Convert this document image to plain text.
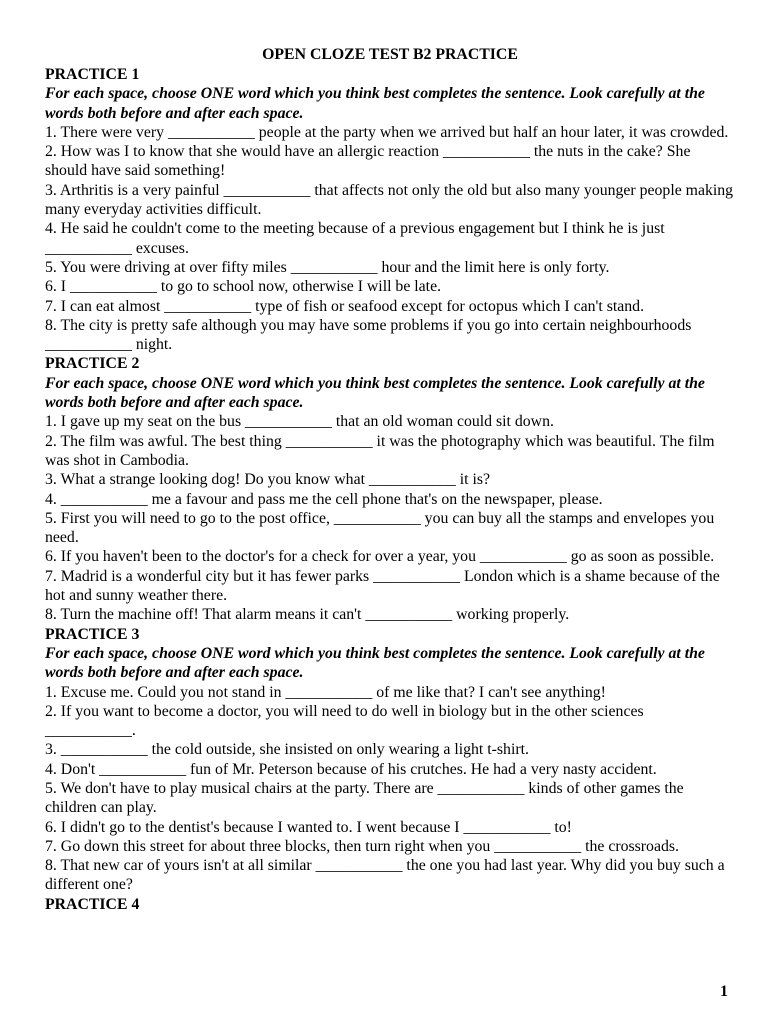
OPEN CLOZE TEST B2 PRACTICE
PRACTICE 1
For each space, choose ONE word which you think best completes the sentence. Look carefully at the words both before and after each space.
1. There were very ___________ people at the party when we arrived but half an hour later, it was crowded.
2. How was I to know that she would have an allergic reaction ___________ the nuts in the cake? She should have said something!
3. Arthritis is a very painful ___________ that affects not only the old but also many younger people making many everyday activities difficult.
4. He said he couldn't come to the meeting because of a previous engagement but I think he is just ___________ excuses.
5. You were driving at over fifty miles ___________ hour and the limit here is only forty.
6. I ___________ to go to school now, otherwise I will be late.
7. I can eat almost ___________ type of fish or seafood except for octopus which I can't stand.
8. The city is pretty safe although you may have some problems if you go into certain neighbourhoods ___________ night.
PRACTICE 2
For each space, choose ONE word which you think best completes the sentence. Look carefully at the words both before and after each space.
1. I gave up my seat on the bus ___________ that an old woman could sit down.
2. The film was awful. The best thing ___________ it was the photography which was beautiful. The film was shot in Cambodia.
3. What a strange looking dog! Do you know what ___________ it is?
4. ___________ me a favour and pass me the cell phone that's on the newspaper, please.
5. First you will need to go to the post office, ___________ you can buy all the stamps and envelopes you need.
6. If you haven't been to the doctor's for a check for over a year, you ___________ go as soon as possible.
7. Madrid is a wonderful city but it has fewer parks ___________ London which is a shame because of the hot and sunny weather there.
8. Turn the machine off! That alarm means it can't ___________ working properly.
PRACTICE 3
For each space, choose ONE word which you think best completes the sentence. Look carefully at the words both before and after each space.
1. Excuse me. Could you not stand in ___________ of me like that? I can't see anything!
2. If you want to become a doctor, you will need to do well in biology but in the other sciences ___________.
3. ___________ the cold outside, she insisted on only wearing a light t-shirt.
4. Don't ___________ fun of Mr. Peterson because of his crutches. He had a very nasty accident.
5. We don't have to play musical chairs at the party. There are ___________ kinds of other games the children can play.
6. I didn't go to the dentist's because I wanted to. I went because I ___________ to!
7. Go down this street for about three blocks, then turn right when you ___________ the crossroads.
8. That new car of yours isn't at all similar ___________ the one you had last year. Why did you buy such a different one?
PRACTICE 4
1
